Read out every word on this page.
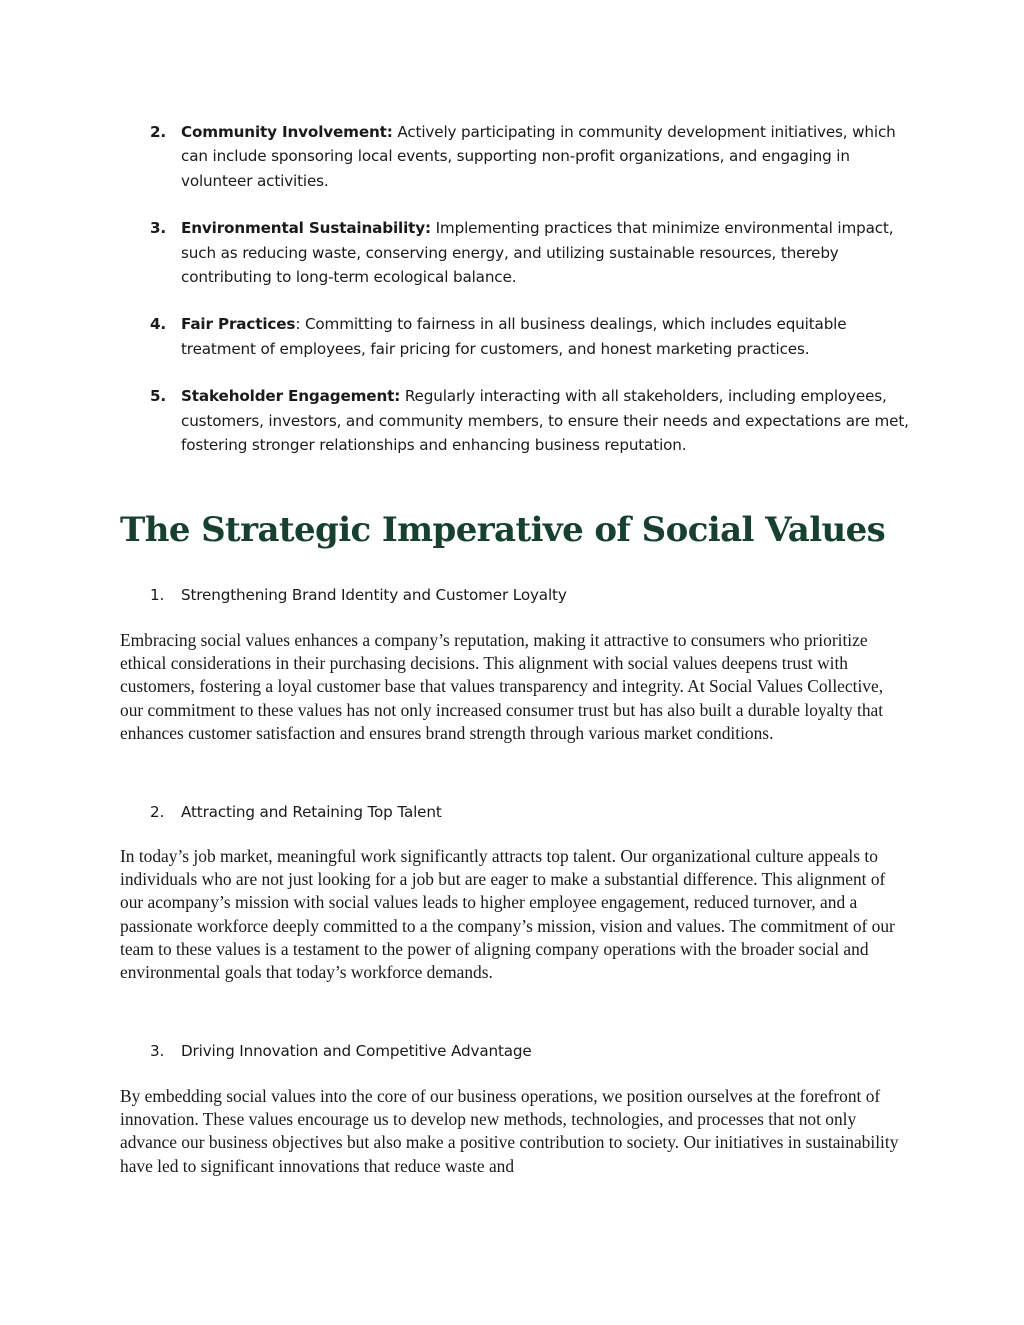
2. Community Involvement: Actively participating in community development initiatives, which can include sponsoring local events, supporting non-profit organizations, and engaging in volunteer activities.
3. Environmental Sustainability: Implementing practices that minimize environmental impact, such as reducing waste, conserving energy, and utilizing sustainable resources, thereby contributing to long-term ecological balance.
4. Fair Practices: Committing to fairness in all business dealings, which includes equitable treatment of employees, fair pricing for customers, and honest marketing practices.
5. Stakeholder Engagement: Regularly interacting with all stakeholders, including employees, customers, investors, and community members, to ensure their needs and expectations are met, fostering stronger relationships and enhancing business reputation.
The Strategic Imperative of Social Values
1. Strengthening Brand Identity and Customer Loyalty

Embracing social values enhances a company’s reputation, making it attractive to consumers who prioritize ethical considerations in their purchasing decisions. This alignment with social values deepens trust with customers, fostering a loyal customer base that values transparency and integrity. At Social Values Collective, our commitment to these values has not only increased consumer trust but has also built a durable loyalty that enhances customer satisfaction and ensures brand strength through various market conditions.

2. Attracting and Retaining Top Talent

In today’s job market, meaningful work significantly attracts top talent. Our organizational culture appeals to individuals who are not just looking for a job but are eager to make a substantial difference. This alignment of our acompany’s mission with social values leads to higher employee engagement, reduced turnover, and a passionate workforce deeply committed to a the company’s mission, vision and values. The commitment of our team to these values is a testament to the power of aligning company operations with the broader social and environmental goals that today’s workforce demands.

3. Driving Innovation and Competitive Advantage

By embedding social values into the core of our business operations, we position ourselves at the forefront of innovation. These values encourage us to develop new methods, technologies, and processes that not only advance our business objectives but also make a positive contribution to society. Our initiatives in sustainability have led to significant innovations that reduce waste and
